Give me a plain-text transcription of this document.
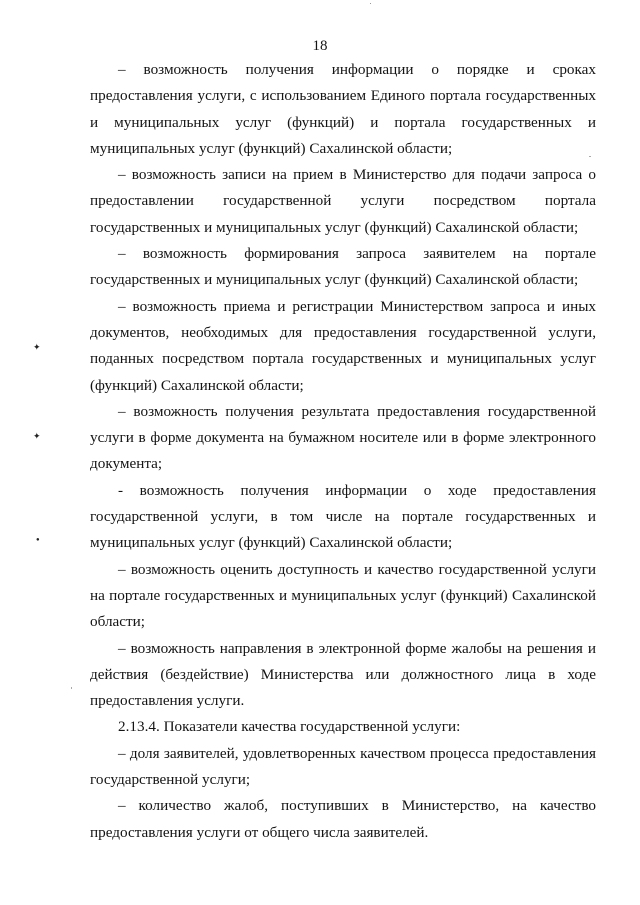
18

– возможность получения информации о порядке и сроках предоставления услуги, с использованием Единого портала государственных и муниципальных услуг (функций) и портала государственных и муниципальных услуг (функций) Сахалинской области;

– возможность записи на прием в Министерство для подачи запроса о предоставлении государственной услуги посредством портала государственных и муниципальных услуг (функций) Сахалинской области;

– возможность формирования запроса заявителем на портале государственных и муниципальных услуг (функций) Сахалинской области;

– возможность приема и регистрации Министерством запроса и иных документов, необходимых для предоставления государственной услуги, поданных посредством портала государственных и муниципальных услуг (функций) Сахалинской области;

– возможность получения результата предоставления государственной услуги в форме документа на бумажном носителе или в форме электронного документа;

- возможность получения информации о ходе предоставления государственной услуги, в том числе на портале государственных и муниципальных услуг (функций) Сахалинской области;

– возможность оценить доступность и качество государственной услуги на портале государственных и муниципальных услуг (функций) Сахалинской области;

– возможность направления в электронной форме жалобы на решения и действия (бездействие) Министерства или должностного лица в ходе предоставления услуги.

2.13.4. Показатели качества государственной услуги:

– доля заявителей, удовлетворенных качеством процесса предоставления государственной услуги;

– количество жалоб, поступивших в Министерство, на качество предоставления услуги от общего числа заявителей.

✦
✦
●
